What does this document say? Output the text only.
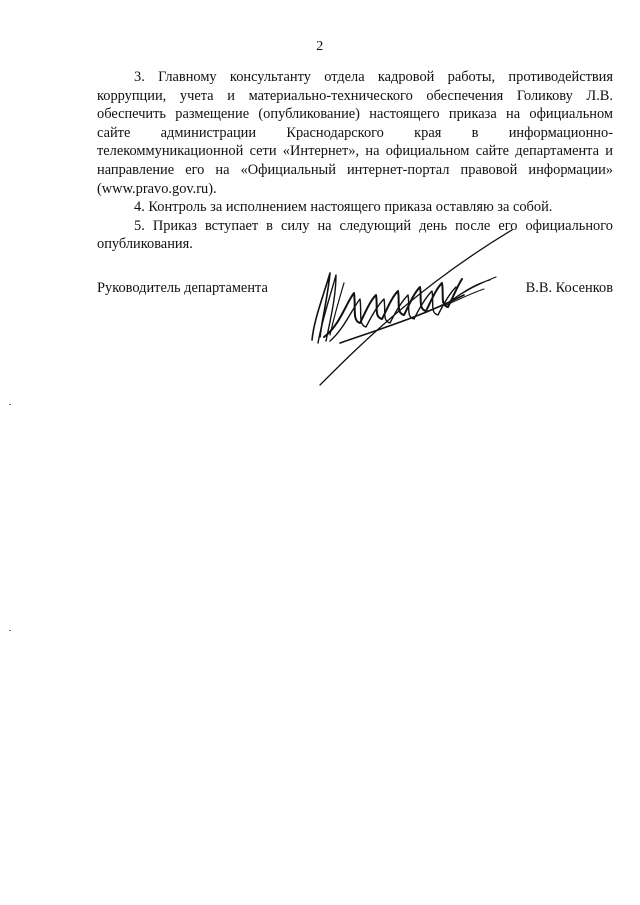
2

3. Главному консультанту отдела кадровой работы, противодействия коррупции, учета и материально-технического обеспечения Голикову Л.В. обеспечить размещение (опубликование) настоящего приказа на официальном сайте администрации Краснодарского края в информационно-телекоммуникационной сети «Интернет», на официальном сайте департамента и направление его на «Официальный интернет-портал правовой информации» (www.pravo.gov.ru).

4. Контроль за исполнением настоящего приказа оставляю за собой.

5. Приказ вступает в силу на следующий день после его официального опубликования.

Руководитель департамента	В.В. Косенков
